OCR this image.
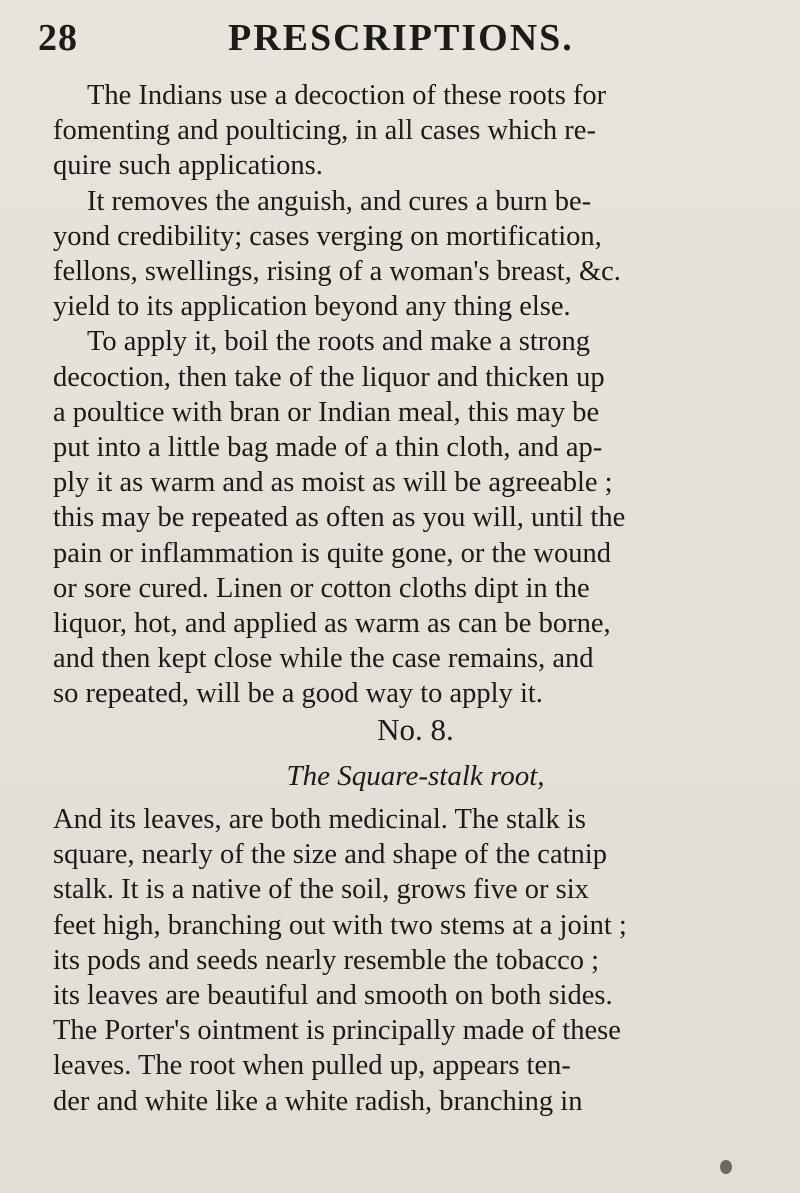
28	PRESCRIPTIONS.
The Indians use a decoction of these roots for
fomenting and poulticing, in all cases which re-
quire such applications.
It removes the anguish, and cures a burn be-
yond credibility; cases verging on mortification,
fellons, swellings, rising of a woman's breast, &c.
yield to its application beyond any thing else.
To apply it, boil the roots and make a strong
decoction, then take of the liquor and thicken up
a poultice with bran or Indian meal, this may be
put into a little bag made of a thin cloth, and ap-
ply it as warm and as moist as will be agreeable ;
this may be repeated as often as you will, until the
pain or inflammation is quite gone, or the wound
or sore cured. Linen or cotton cloths dipt in the
liquor, hot, and applied as warm as can be borne,
and then kept close while the case remains, and
so repeated, will be a good way to apply it.
No. 8.
The Square-stalk root,
And its leaves, are both medicinal. The stalk is
square, nearly of the size and shape of the catnip
stalk. It is a native of the soil, grows five or six
feet high, branching out with two stems at a joint ;
its pods and seeds nearly resemble the tobacco ;
its leaves are beautiful and smooth on both sides.
The Porter's ointment is principally made of these
leaves. The root when pulled up, appears ten-
der and white like a white radish, branching in
